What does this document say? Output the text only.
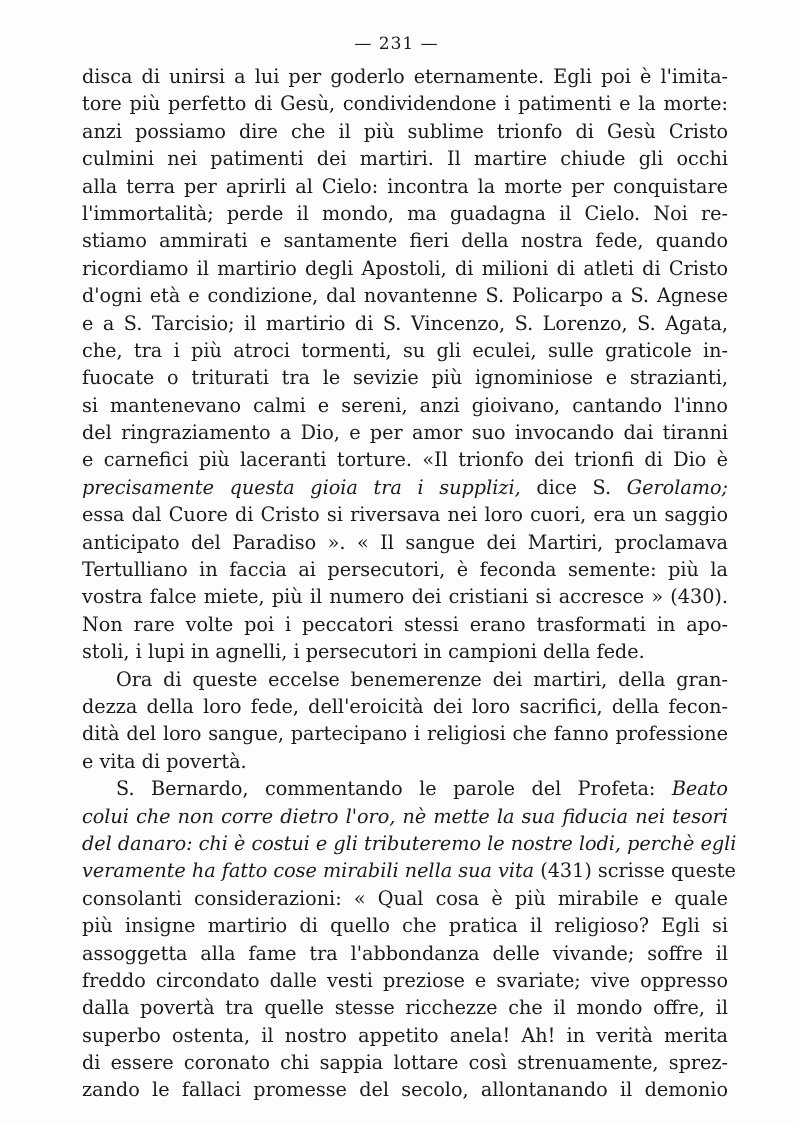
— 231 —
disca di unirsi a lui per goderlo eternamente. Egli poi è l'imita-
tore più perfetto di Gesù, condividendone i patimenti e la morte:
anzi possiamo dire che il più sublime trionfo di Gesù Cristo
culmini nei patimenti dei martiri. Il martire chiude gli occhi
alla terra per aprirli al Cielo: incontra la morte per conquistare
l'immortalità; perde il mondo, ma guadagna il Cielo. Noi re-
stiamo ammirati e santamente fieri della nostra fede, quando
ricordiamo il martirio degli Apostoli, di milioni di atleti di Cristo
d'ogni età e condizione, dal novantenne S. Policarpo a S. Agnese
e a S. Tarcisio; il martirio di S. Vincenzo, S. Lorenzo, S. Agata,
che, tra i più atroci tormenti, su gli eculei, sulle graticole in-
fuocate o triturati tra le sevizie più ignominiose e strazianti,
si mantenevano calmi e sereni, anzi gioivano, cantando l'inno
del ringraziamento a Dio, e per amor suo invocando dai tiranni
e carnefici più laceranti torture. «Il trionfo dei trionfi di Dio è
precisamente questa gioia tra i supplizi, dice S. Gerolamo;
essa dal Cuore di Cristo si riversava nei loro cuori, era un saggio
anticipato del Paradiso ». « Il sangue dei Martiri, proclamava
Tertulliano in faccia ai persecutori, è feconda semente: più la
vostra falce miete, più il numero dei cristiani si accresce » (430).
Non rare volte poi i peccatori stessi erano trasformati in apo-
stoli, i lupi in agnelli, i persecutori in campioni della fede.
Ora di queste eccelse benemerenze dei martiri, della gran-
dezza della loro fede, dell'eroicità dei loro sacrifici, della fecon-
dità del loro sangue, partecipano i religiosi che fanno professione
e vita di povertà.
S. Bernardo, commentando le parole del Profeta: Beato
colui che non corre dietro l'oro, nè mette la sua fiducia nei tesori
del danaro: chi è costui e gli tributeremo le nostre lodi, perchè egli
veramente ha fatto cose mirabili nella sua vita (431) scrisse queste
consolanti considerazioni: « Qual cosa è più mirabile e quale
più insigne martirio di quello che pratica il religioso? Egli si
assoggetta alla fame tra l'abbondanza delle vivande; soffre il
freddo circondato dalle vesti preziose e svariate; vive oppresso
dalla povertà tra quelle stesse ricchezze che il mondo offre, il
superbo ostenta, il nostro appetito anela! Ah! in verità merita
di essere coronato chi sappia lottare così strenuamente, sprez-
zando le fallaci promesse del secolo, allontanando il demonio
